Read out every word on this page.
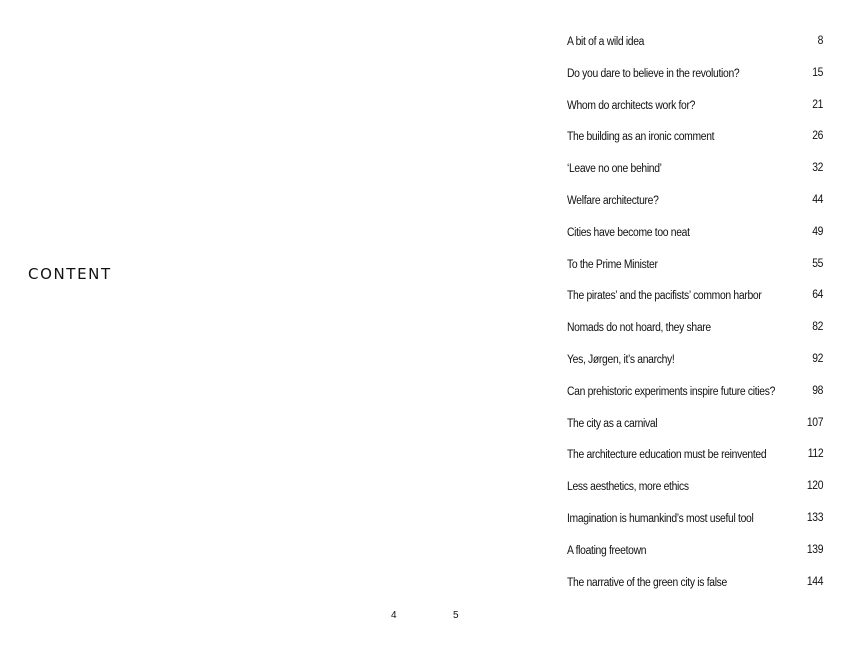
CONTENT
A bit of a wild idea	8
Do you dare to believe in the revolution?	15
Whom do architects work for?	21
The building as an ironic comment	26
‘Leave no one behind’	32
Welfare architecture?	44
Cities have become too neat	49
To the Prime Minister	55
The pirates’ and the pacifists’ common harbor	64
Nomads do not hoard, they share	82
Yes, Jørgen, it’s anarchy!	92
Can prehistoric experiments inspire future cities?	98
The city as a carnival	107
The architecture education must be reinvented	112
Less aesthetics, more ethics	120
Imagination is humankind’s most useful tool	133
A floating freetown	139
The narrative of the green city is false	144
4	5
